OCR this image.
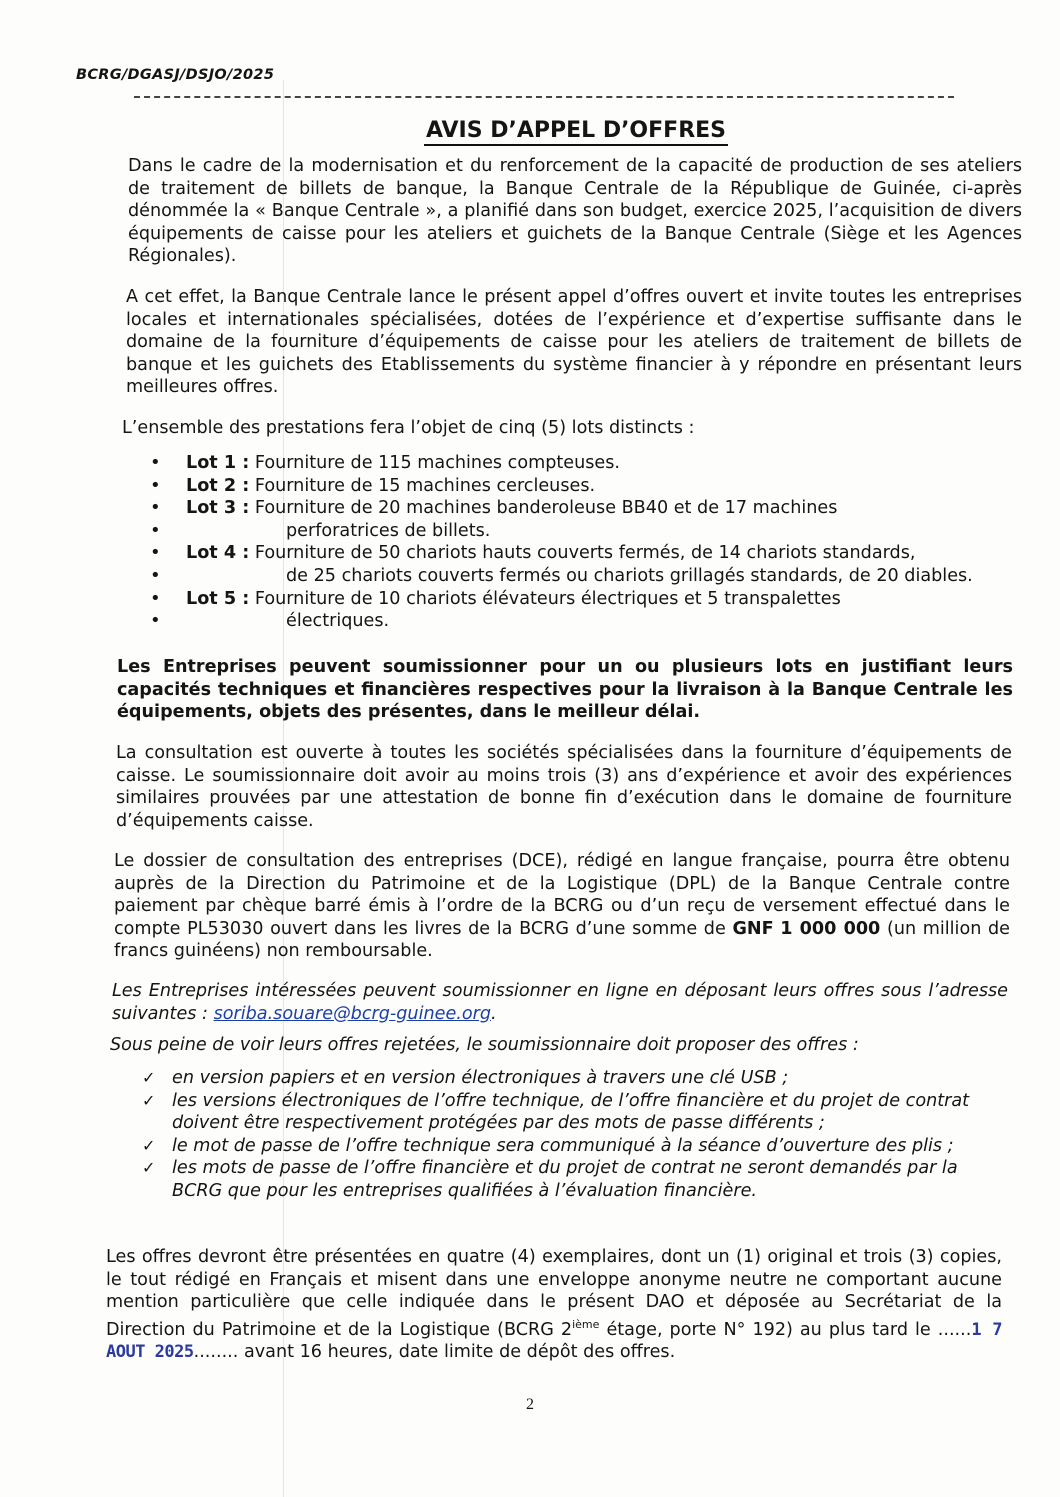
BCRG/DGASJ/DSJO/2025
AVIS D’APPEL D’OFFRES
Dans le cadre de la modernisation et du renforcement de la capacité de production de ses ateliers de traitement de billets de banque, la Banque Centrale de la République de Guinée, ci-après dénommée la « Banque Centrale », a planifié dans son budget, exercice 2025, l’acquisition de divers équipements de caisse pour les ateliers et guichets de la Banque Centrale (Siège et les Agences Régionales).
A cet effet, la Banque Centrale lance le présent appel d’offres ouvert et invite toutes les entreprises locales et internationales spécialisées, dotées de l’expérience et d’expertise suffisante dans le domaine de la fourniture d’équipements de caisse pour les ateliers de traitement de billets de banque et les guichets des Etablissements du système financier à y répondre en présentant leurs meilleures offres.
L’ensemble des prestations fera l’objet de cinq (5) lots distincts :
• Lot 1 : Fourniture de 115 machines compteuses.
• Lot 2 : Fourniture de 15 machines cercleuses.
• Lot 3 : Fourniture de 20 machines banderoleuse BB40 et de 17 machines
• perforatrices de billets.
• Lot 4 : Fourniture de 50 chariots hauts couverts fermés, de 14 chariots standards,
• de 25 chariots couverts fermés ou chariots grillagés standards, de 20 diables.
• Lot 5 : Fourniture de 10 chariots élévateurs électriques et 5 transpalettes
• électriques.
Les Entreprises peuvent soumissionner pour un ou plusieurs lots en justifiant leurs capacités techniques et financières respectives pour la livraison à la Banque Centrale les équipements, objets des présentes, dans le meilleur délai.
La consultation est ouverte à toutes les sociétés spécialisées dans la fourniture d’équipements de caisse. Le soumissionnaire doit avoir au moins trois (3) ans d’expérience et avoir des expériences similaires prouvées par une attestation de bonne fin d’exécution dans le domaine de fourniture d’équipements caisse.
Le dossier de consultation des entreprises (DCE), rédigé en langue française, pourra être obtenu auprès de la Direction du Patrimoine et de la Logistique (DPL) de la Banque Centrale contre paiement par chèque barré émis à l’ordre de la BCRG ou d’un reçu de versement effectué dans le compte PL53030 ouvert dans les livres de la BCRG d’une somme de GNF 1 000 000 (un million de francs guinéens) non remboursable.
Les Entreprises intéressées peuvent soumissionner en ligne en déposant leurs offres sous l’adresse suivantes : soriba.souare@bcrg-guinee.org.
Sous peine de voir leurs offres rejetées, le soumissionnaire doit proposer des offres :
✓ en version papiers et en version électroniques à travers une clé USB ;
✓ les versions électroniques de l’offre technique, de l’offre financière et du projet de contrat doivent être respectivement protégées par des mots de passe différents ;
✓ le mot de passe de l’offre technique sera communiqué à la séance d’ouverture des plis ;
✓ les mots de passe de l’offre financière et du projet de contrat ne seront demandés par la BCRG que pour les entreprises qualifiées à l’évaluation financière.
Les offres devront être présentées en quatre (4) exemplaires, dont un (1) original et trois (3) copies, le tout rédigé en Français et misent dans une enveloppe anonyme neutre ne comportant aucune mention particulière que celle indiquée dans le présent DAO et déposée au Secrétariat de la Direction du Patrimoine et de la Logistique (BCRG 2ième étage, porte N° 192) au plus tard le ......1 7 AOUT 2025........ avant 16 heures, date limite de dépôt des offres.
2
